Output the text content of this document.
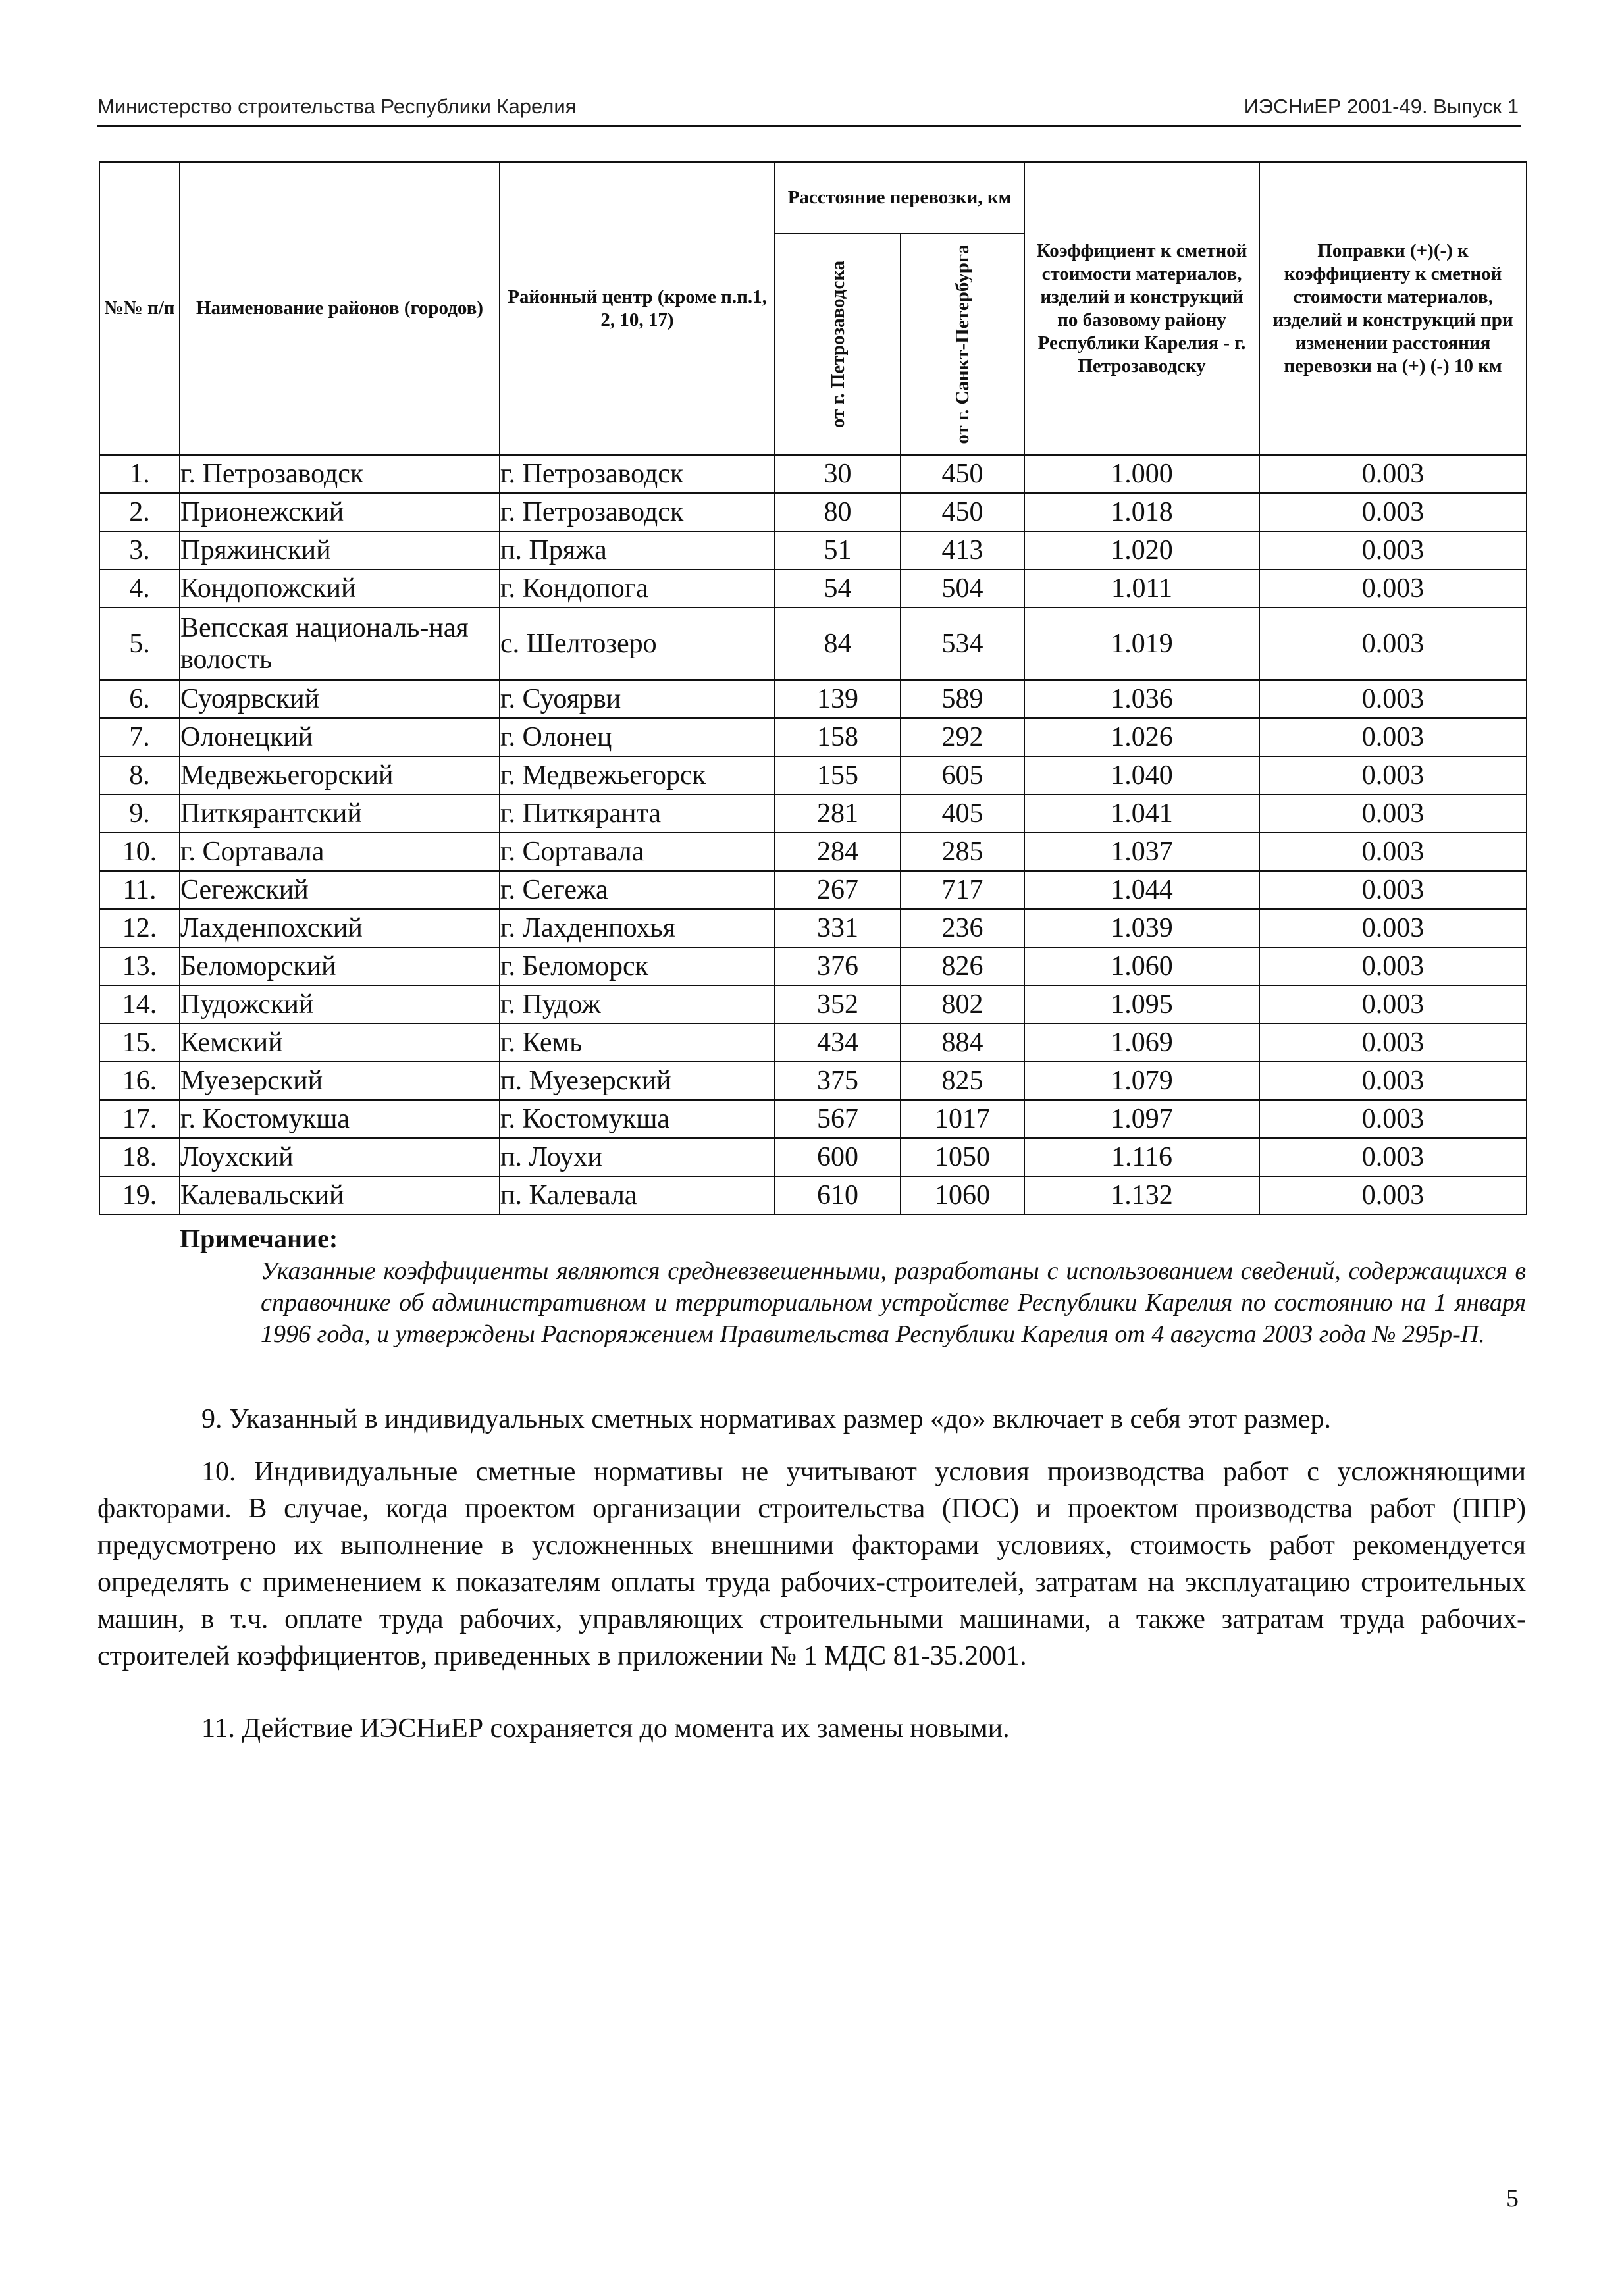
Министерство строительства Республики Карелия	ИЭСНиЕР 2001-49. Выпуск 1
№№ п/п	Наименование районов (городов)	Районный центр (кроме п.п.1, 2, 10, 17)	Расстояние перевозки, км		Коэффициент к сметной стоимости материалов, изделий и конструкций по базовому району Республики Карелия - г. Петрозаводску	Поправки (+)(-) к коэффициенту к сметной стоимости материалов, изделий и конструкций при изменении расстояния перевозки на (+) (-) 10 км

			от г. Петрозаводска	от г. Санкт-Петербурга		

1.	г. Петрозаводск	г. Петрозаводск	30	450	1.000	0.003
2.	Прионежский	г. Петрозаводск	80	450	1.018	0.003
3.	Пряжинский	п. Пряжа	51	413	1.020	0.003
4.	Кондопожский	г. Кондопога	54	504	1.011	0.003
5.	Вепсская националь-ная волость	с. Шелтозеро	84	534	1.019	0.003
6.	Суоярвский	г. Суоярви	139	589	1.036	0.003
7.	Олонецкий	г. Олонец	158	292	1.026	0.003
8.	Медвежьегорский	г. Медвежьегорск	155	605	1.040	0.003
9.	Питкярантский	г. Питкяранта	281	405	1.041	0.003
10.	г. Сортавала	г. Сортавала	284	285	1.037	0.003
11.	Сегежский	г. Сегежа	267	717	1.044	0.003
12.	Лахденпохский	г. Лахденпохья	331	236	1.039	0.003
13.	Беломорский	г. Беломорск	376	826	1.060	0.003
14.	Пудожский	г. Пудож	352	802	1.095	0.003
15.	Кемский	г. Кемь	434	884	1.069	0.003
16.	Муезерский	п. Муезерский	375	825	1.079	0.003
17.	г. Костомукша	г. Костомукша	567	1017	1.097	0.003
18.	Лоухский	п. Лоухи	600	1050	1.116	0.003
19.	Калевальский	п. Калевала	610	1060	1.132	0.003
Примечание:
Указанные коэффициенты являются средневзвешенными, разработаны с использованием сведений, содержащихся в справочнике об административном и территориальном устройстве Республики Карелия по состоянию на 1 января 1996 года, и утверждены Распоряжением Правительства Республики Карелия от 4 августа 2003 года № 295р-П.
9. Указанный в индивидуальных сметных нормативах размер «до» включает в себя этот размер.
10. Индивидуальные сметные нормативы не учитывают условия производства работ с усложняющими факторами. В случае, когда проектом организации строительства (ПОС) и проектом производства работ (ППР) предусмотрено их выполнение в усложненных внешними факторами условиях, стоимость работ рекомендуется определять с применением к показателям оплаты труда рабочих-строителей, затратам на эксплуатацию строительных машин, в т.ч. оплате труда рабочих, управляющих строительными машинами, а также затратам труда рабочих-строителей коэффициентов, приведенных в приложении № 1 МДС 81-35.2001.
11. Действие ИЭСНиЕР сохраняется до момента их замены новыми.
5
